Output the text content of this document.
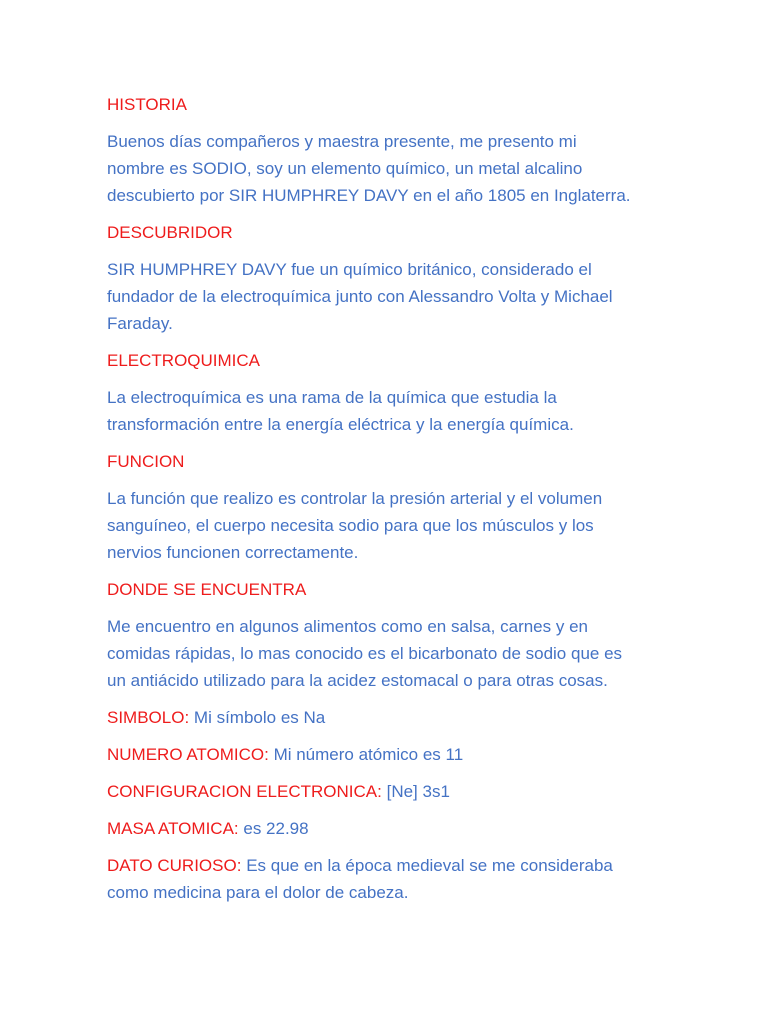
HISTORIA
Buenos días compañeros y maestra presente, me presento mi
nombre es SODIO, soy un elemento químico, un metal alcalino
descubierto por SIR HUMPHREY DAVY en el año 1805 en Inglaterra.
DESCUBRIDOR
SIR HUMPHREY DAVY fue un químico británico, considerado el
fundador de la electroquímica junto con Alessandro Volta y Michael
Faraday.
ELECTROQUIMICA
La electroquímica es una rama de la química que estudia la
transformación entre la energía eléctrica y la energía química.
FUNCION
La función que realizo es controlar la presión arterial y el volumen
sanguíneo, el cuerpo necesita sodio para que los músculos y los
nervios funcionen correctamente.
DONDE SE ENCUENTRA
Me encuentro en algunos alimentos como en salsa, carnes y en
comidas rápidas, lo mas conocido es el bicarbonato de sodio que es
un antiácido utilizado para la acidez estomacal o para otras cosas.
SIMBOLO: Mi símbolo es Na
NUMERO ATOMICO: Mi número atómico es 11
CONFIGURACION ELECTRONICA: [Ne] 3s1
MASA ATOMICA: es 22.98
DATO CURIOSO: Es que en la época medieval se me consideraba
como medicina para el dolor de cabeza.
